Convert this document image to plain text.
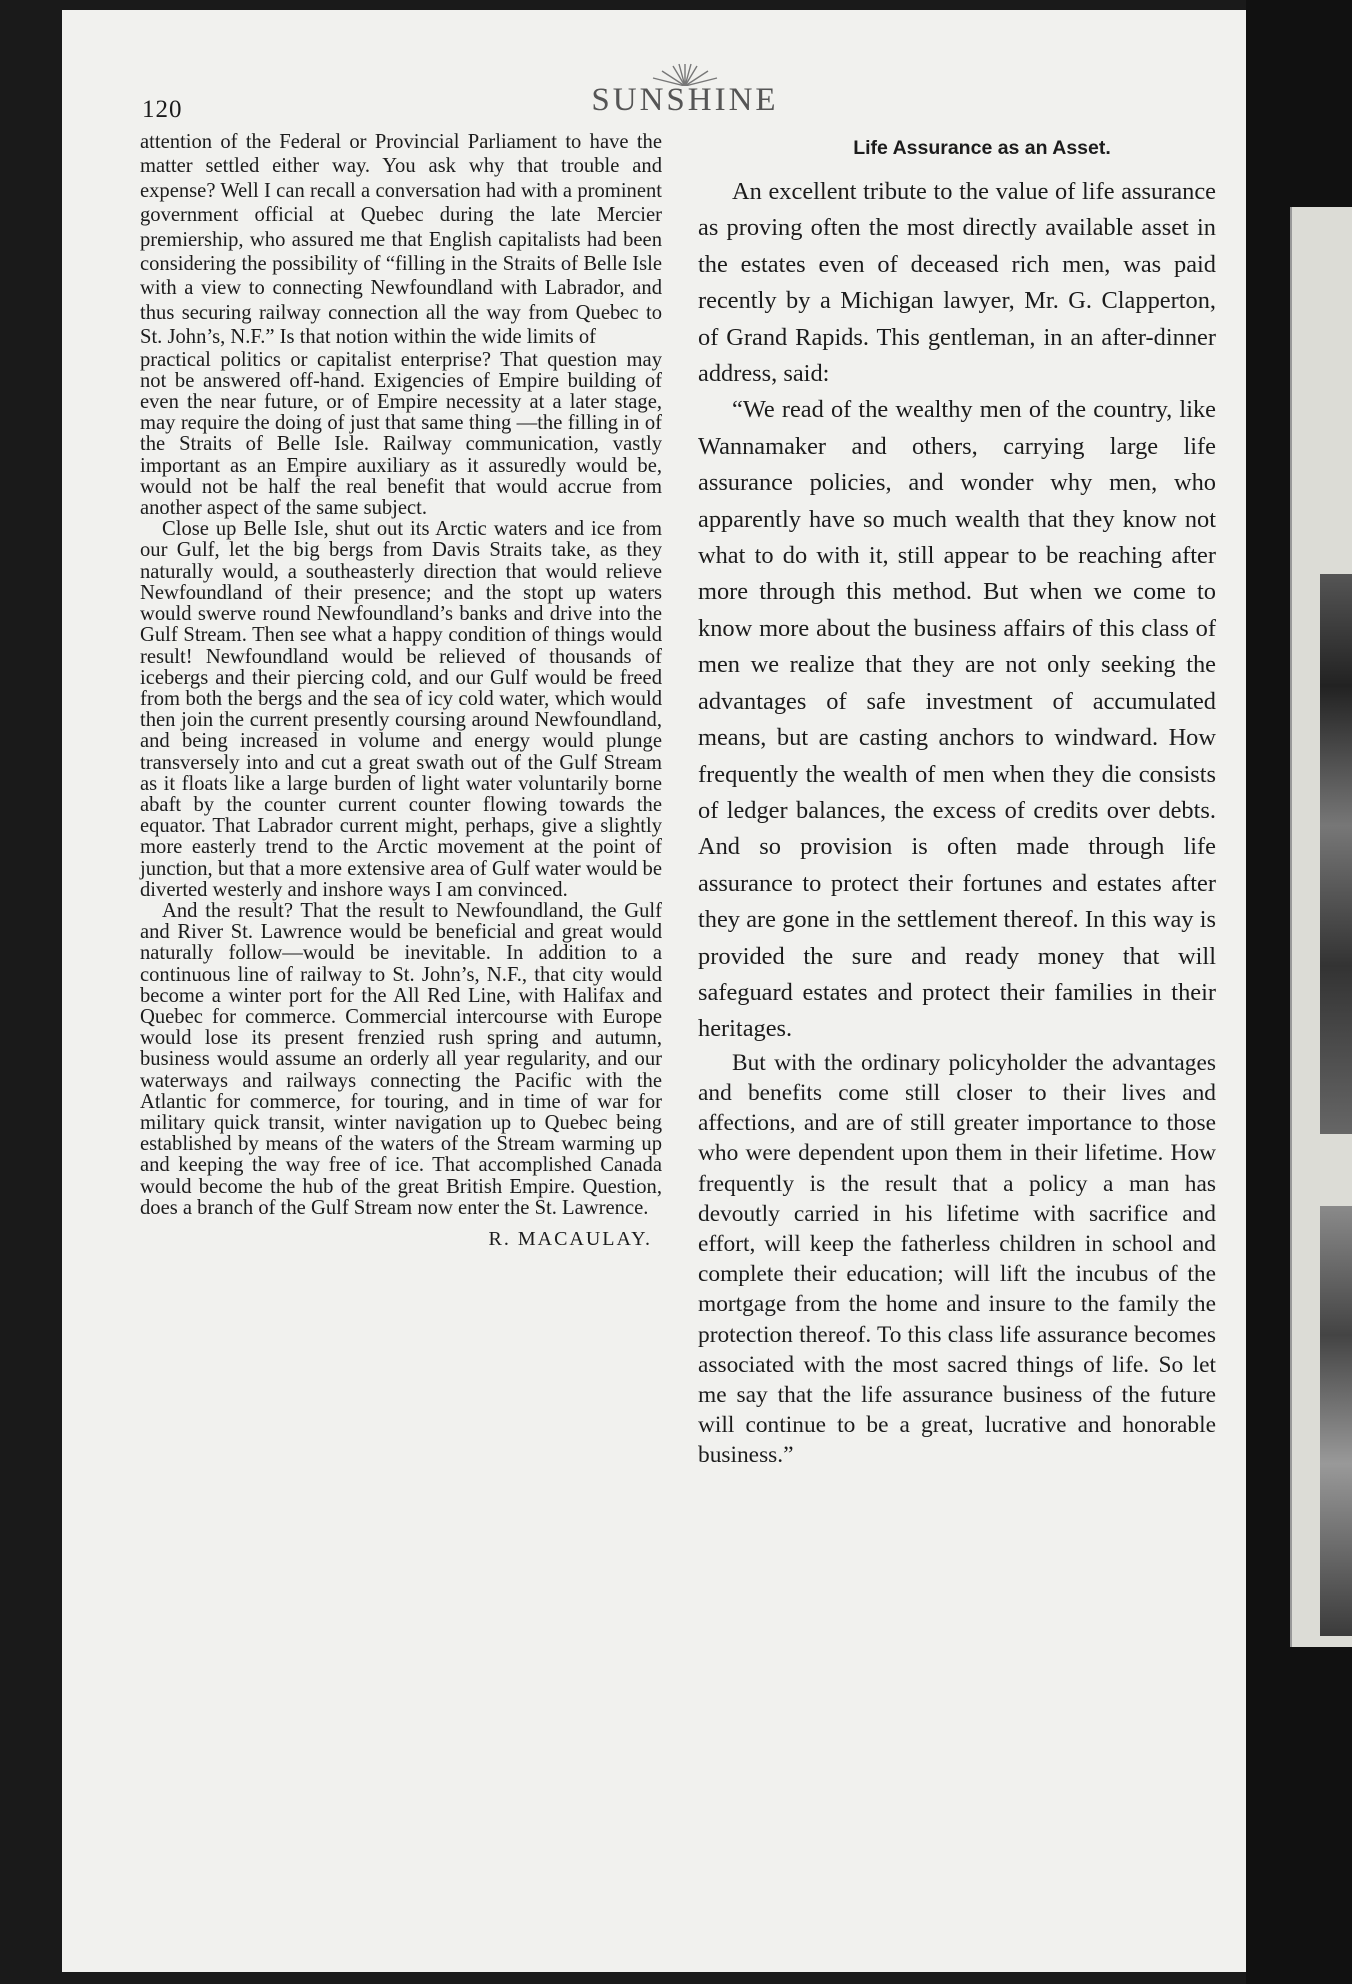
120	SUNSHINE

attention of the Federal or Provincial Parliament to have the matter settled either way. You ask why that trouble and expense? Well I can recall a conversation had with a prominent government official at Quebec during the late Mercier premiership, who assured me that English capitalists had been considering the possibility of “filling in the Straits of Belle Isle with a view to connecting Newfoundland with Labrador, and thus securing railway connection all the way from Quebec to St. John’s, N.F.” Is that notion within the wide limits of

practical politics or capitalist enterprise? That question may not be answered off-hand. Exigencies of Empire building of even the near future, or of Empire necessity at a later stage, may require the doing of just that same thing —the filling in of the Straits of Belle Isle. Railway communication, vastly important as an Empire auxiliary as it assuredly would be, would not be half the real benefit that would accrue from another aspect of the same subject.

Close up Belle Isle, shut out its Arctic waters and ice from our Gulf, let the big bergs from Davis Straits take, as they naturally would, a southeasterly direction that would relieve Newfoundland of their presence; and the stopt up waters would swerve round Newfoundland’s banks and drive into the Gulf Stream. Then see what a happy condition of things would result! Newfoundland would be relieved of thousands of icebergs and their piercing cold, and our Gulf would be freed from both the bergs and the sea of icy cold water, which would then join the current presently coursing around Newfoundland, and being increased in volume and energy would plunge transversely into and cut a great swath out of the Gulf Stream as it floats like a large burden of light water voluntarily borne abaft by the counter current counter flowing towards the equator. That Labrador current might, perhaps, give a slightly more easterly trend to the Arctic movement at the point of junction, but that a more extensive area of Gulf water would be diverted westerly and inshore ways I am convinced.

And the result? That the result to Newfoundland, the Gulf and River St. Lawrence would be beneficial and great would naturally follow—would be inevitable. In addition to a continuous line of railway to St. John’s, N.F., that city would become a winter port for the All Red Line, with Halifax and Quebec for commerce. Commercial intercourse with Europe would lose its present frenzied rush spring and autumn, business would assume an orderly all year regularity, and our waterways and railways connecting the Pacific with the Atlantic for commerce, for touring, and in time of war for military quick transit, winter navigation up to Quebec being established by means of the waters of the Stream warming up and keeping the way free of ice. That accomplished Canada would become the hub of the great British Empire. Question, does a branch of the Gulf Stream now enter the St. Lawrence.

R. MACAULAY.

Life Assurance as an Asset.

An excellent tribute to the value of life assurance as proving often the most directly available asset in the estates even of deceased rich men, was paid recently by a Michigan lawyer, Mr. G. Clapperton, of Grand Rapids. This gentleman, in an after-dinner address, said:

“We read of the wealthy men of the country, like Wannamaker and others, carrying large life assurance policies, and wonder why men, who apparently have so much wealth that they know not what to do with it, still appear to be reaching after more through this method. But when we come to know more about the business affairs of this class of men we realize that they are not only seeking the advantages of safe investment of accumulated means, but are casting anchors to windward. How frequently the wealth of men when they die consists of ledger balances, the excess of credits over debts. And so provision is often made through life assurance to protect their fortunes and estates after they are gone in the settlement thereof. In this way is provided the sure and ready money that will safeguard estates and protect their families in their heritages.

But with the ordinary policyholder the advantages and benefits come still closer to their lives and affections, and are of still greater importance to those who were dependent upon them in their lifetime. How frequently is the result that a policy a man has devoutly carried in his lifetime with sacrifice and effort, will keep the fatherless children in school and complete their education; will lift the incubus of the mortgage from the home and insure to the family the protection thereof. To this class life assurance becomes associated with the most sacred things of life. So let me say that the life assurance business of the future will continue to be a great, lucrative and honorable business.”
